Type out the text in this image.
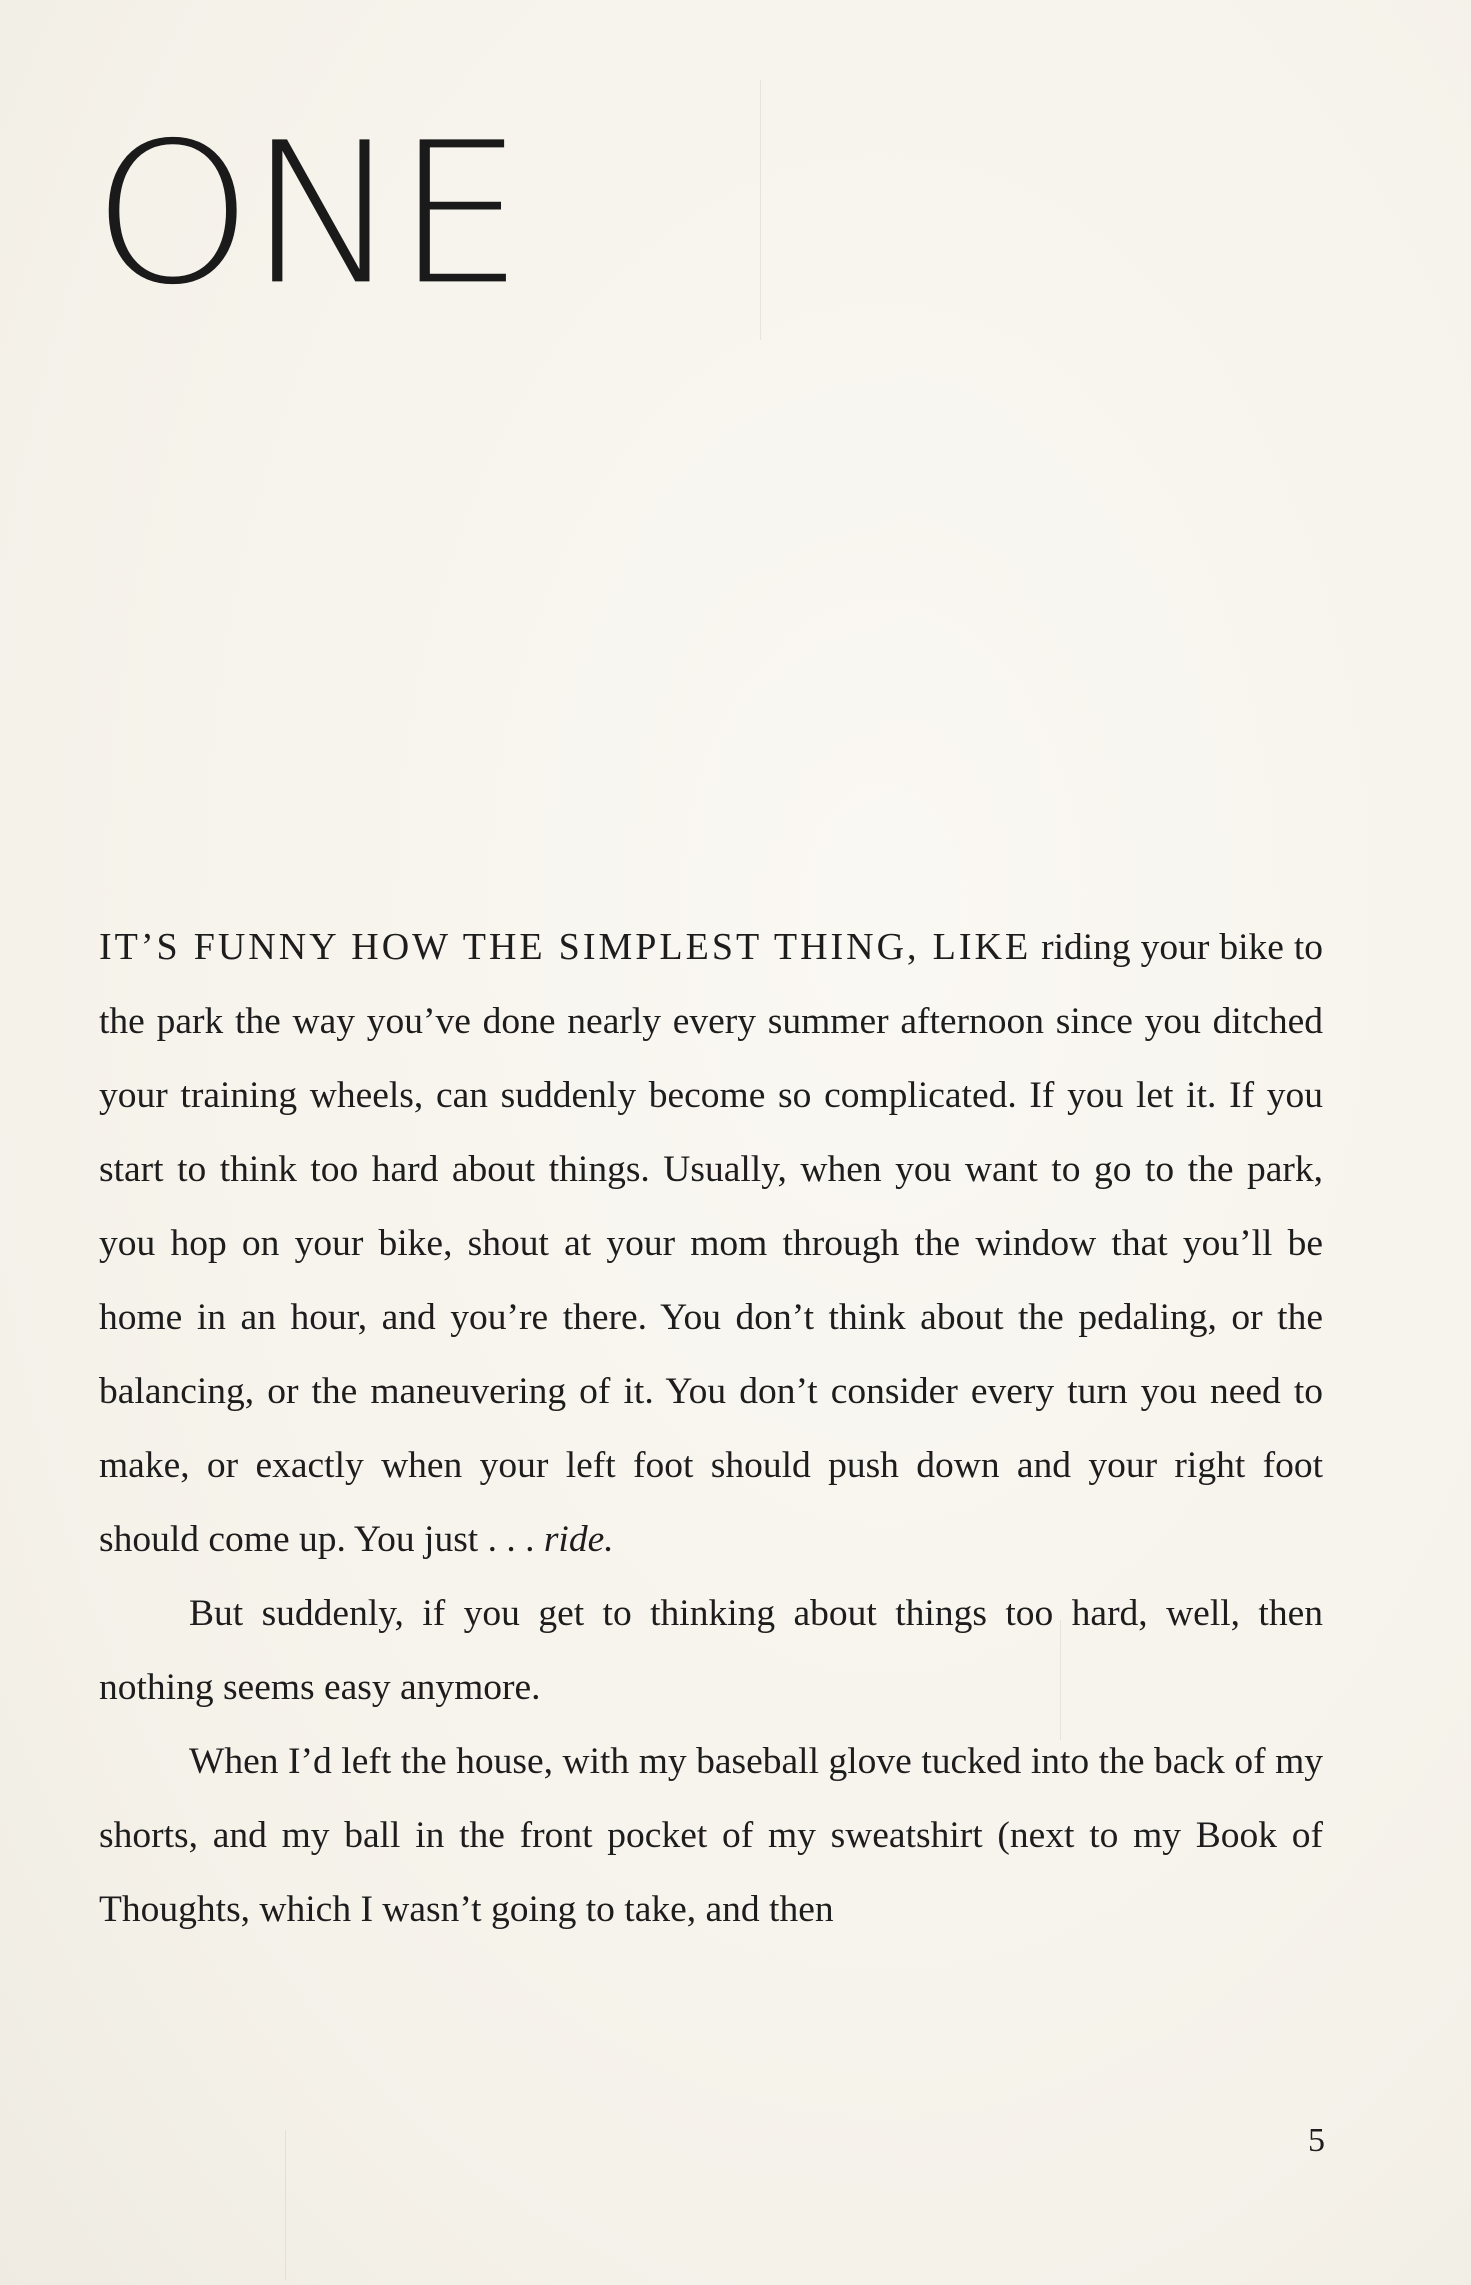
ONE

IT’S FUNNY HOW THE SIMPLEST THING, LIKE riding your bike to the park the way you’ve done nearly every summer afternoon since you ditched your training wheels, can suddenly become so complicated. If you let it. If you start to think too hard about things. Usually, when you want to go to the park, you hop on your bike, shout at your mom through the window that you’ll be home in an hour, and you’re there. You don’t think about the pedaling, or the balancing, or the maneuvering of it. You don’t consider every turn you need to make, or exactly when your left foot should push down and your right foot should come up. You just . . . ride.

But suddenly, if you get to thinking about things too hard, well, then nothing seems easy anymore.

When I’d left the house, with my baseball glove tucked into the back of my shorts, and my ball in the front pocket of my sweatshirt (next to my Book of Thoughts, which I wasn’t going to take, and then

5
